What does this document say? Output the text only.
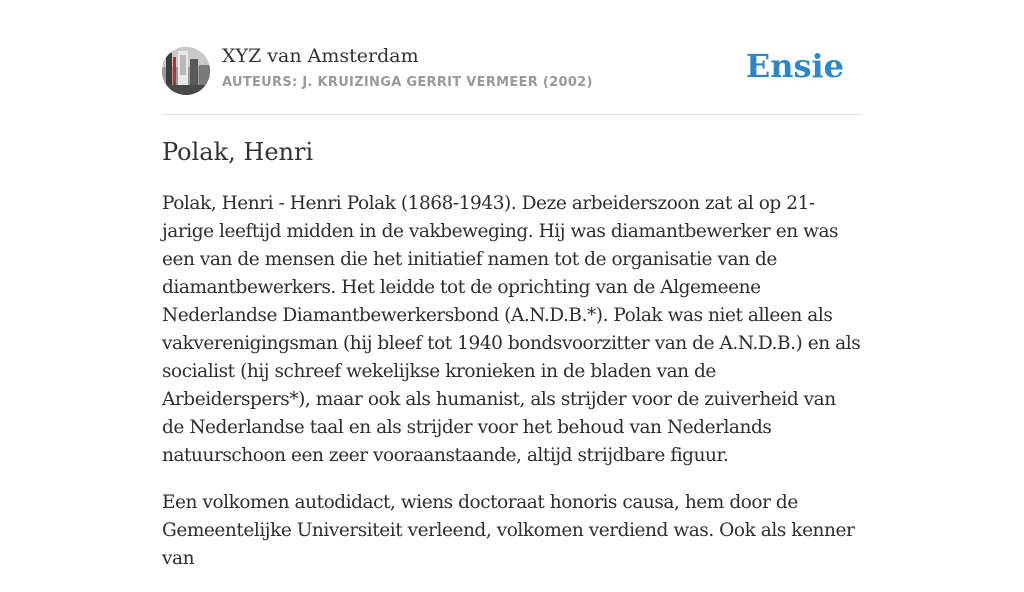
XYZ van Amsterdam
AUTEURS: J. KRUIZINGA GERRIT VERMEER (2002)	Ensie
Polak, Henri

Polak, Henri - Henri Polak (1868-1943). Deze arbeiderszoon zat al op 21-jarige leeftijd midden in de vakbeweging. Hij was diamantbewerker en was een van de mensen die het initiatief namen tot de organisatie van de diamantbewerkers. Het leidde tot de oprichting van de Algemeene Nederlandse Diamantbewerkersbond (A.N.D.B.*). Polak was niet alleen als vakverenigingsman (hij bleef tot 1940 bondsvoorzitter van de A.N.D.B.) en als socialist (hij schreef wekelijkse kronieken in de bladen van de Arbeiderspers*), maar ook als humanist, als strijder voor de zuiverheid van de Nederlandse taal en als strijder voor het behoud van Nederlands natuurschoon een zeer vooraanstaande, altijd strijdbare figuur.

Een volkomen autodidact, wiens doctoraat honoris causa, hem door de Gemeentelijke Universiteit verleend, volkomen verdiend was. Ook als kenner van
